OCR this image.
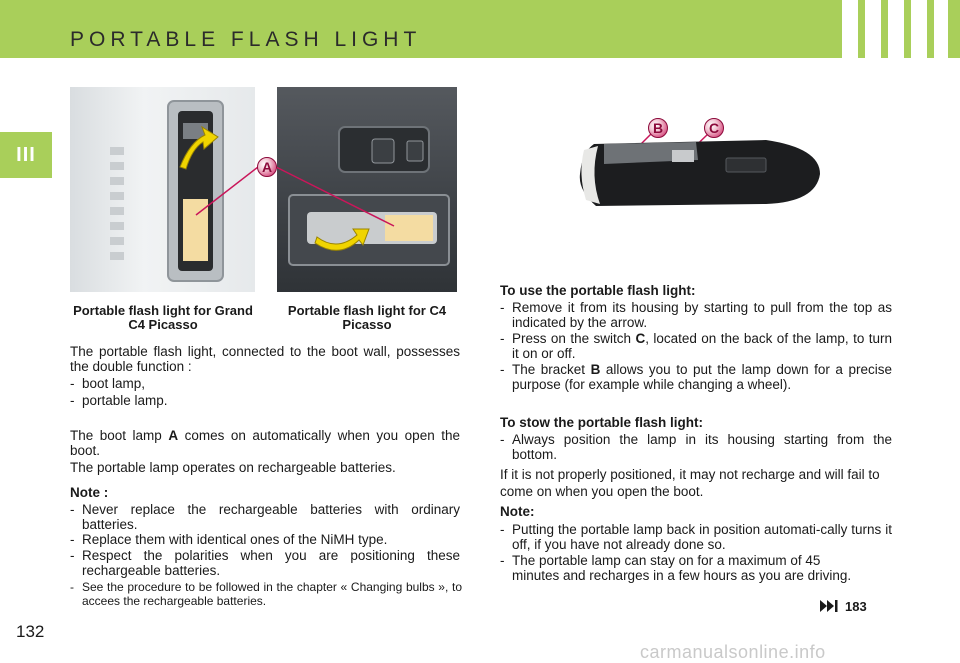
PORTABLE FLASH LIGHT
III
A
Portable flash light for Grand C4 Picasso
Portable flash light for C4 Picasso
B	C
The portable flash light, connected to the boot wall, possesses the double function :
- boot lamp,
- portable lamp.
The boot lamp A comes on automatically when you open the boot.
The portable lamp operates on rechargeable batteries.
Note :
- Never replace the rechargeable batteries with ordinary batteries.
- Replace them with identical ones of the NiMH type.
- Respect the polarities when you are positioning these rechargeable batteries.
- See the procedure to be followed in the chapter « Changing bulbs », to accees the rechargeable batteries.
To use the portable flash light:
- Remove it from its housing by starting to pull from the top as indicated by the arrow.
- Press on the switch C, located on the back of the lamp, to turn it on or off.
- The bracket B allows you to put the lamp down for a precise purpose (for example while changing a wheel).
To stow the portable flash light:
- Always position the lamp in its housing starting from the bottom.
If it is not properly positioned, it may not recharge and will fail to come on when you open the boot.
Note:
- Putting the portable lamp back in position automati-cally turns it off, if you have not already done so.
- The portable lamp can stay on for a maximum of 45 minutes and recharges in a few hours as you are driving.
183
132
carmanualsonline.info
